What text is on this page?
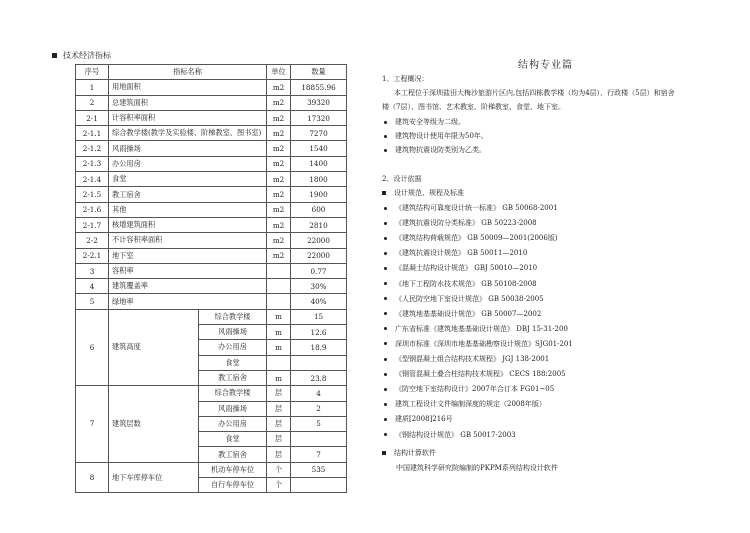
技术经济指标
序号	指标名称		单位	数量
1	用地面积		m2	18855.96
2	总建筑面积		m2	39320
2-1	计容积率面积		m2	17320
2-1.1	综合教学楼(教学及实验楼、阶梯教室、图书室)		m2	7270
2-1.2	风雨操场		m2	1540
2-1.3	办公用房		m2	1400
2-1.4	食堂		m2	1800
2-1.5	教工宿舍		m2	1900
2-1.6	其他		m2	600
2-1.7	核增建筑面积		m2	2810
2-2	不计容积率面积		m2	22000
2-2.1	地下室		m2	22000
3	容积率			0.77
4	建筑覆盖率			30%
5	绿地率			40%
6	建筑高度	综合教学楼	m	15
		风雨操场	m	12.6
		办公用房	m	18.9
		食堂		
		教工宿舍	m	23.8
7	建筑层数	综合教学楼	层	4
		风雨操场	层	2
		办公用房	层	5
		食堂	层	
		教工宿舍	层	7
8	地下车库停车位	机动车停车位	个	535
		自行车停车位	个	
结构专业篇
1、工程概况：
本工程位于深圳盐田大梅沙旅游片区内,包括四栋教学楼（均为4层）、行政楼（5层）和宿舍
楼（7层）、图书馆、艺术教室、阶梯教室、食堂、地下室。
建筑安全等级为二级。
建筑物设计使用年限为50年。
建筑物抗震设防类别为乙类。
2、设计依据
设计规范、规程及标准
《建筑结构可靠度设计统一标准》 GB 50068-2001
《建筑抗震设防分类标准》 GB 50223-2008
《建筑结构荷载规范》 GB 50009—2001(2006版)
《建筑抗震设计规范》 GB 50011—2010
《混凝土结构设计规范》 GBJ 50010—2010
《地下工程防水技术规范》 GB 50108-2008
《人民防空地下室设计规范》 GB 50038-2005
《建筑地基基础设计规范》 GB 50007—2002
广东省标准《建筑地基基础设计规范》 DBJ 15-31-200
深圳市标准《深圳市地基基础勘察设计规范》SJG01-201
《型钢混凝土组合结构技术规程》 JGJ 138-2001
《钢管混凝土叠合柱结构技术规程》 CECS 188:2005
《防空地下室结构设计》2007年合订本 FG01~05
建筑工程设计文件编制深度的规定（2008年版）
建质[2008]216号
《钢结构设计规范》 GB 50017-2003
结构计算软件
中国建筑科学研究院编制的PKPM系列结构设计软件
